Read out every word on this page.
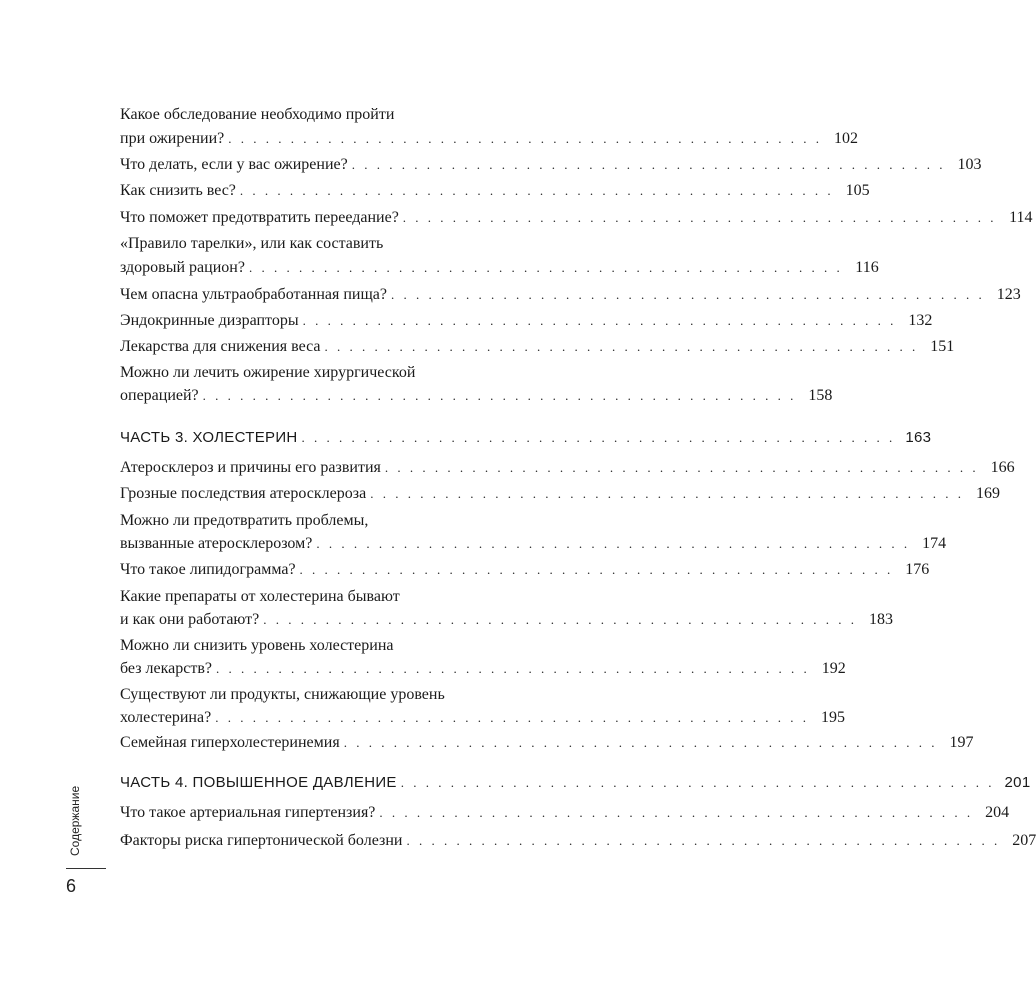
Какое обследование необходимо пройти
при ожирении? . . . . . . . . . . . . . . . . . . . . . . . . . . . . . . . . . . . . . . . . . . . . . . . . 102
Что делать, если у вас ожирение? . . . . . . . . . . . . . . . . . . . . . . . . . . . . . . . . . . . . . . . . . . . . . . . . 103
Как снизить вес? . . . . . . . . . . . . . . . . . . . . . . . . . . . . . . . . . . . . . . . . . . . . . . . . 105
Что поможет предотвратить переедание? . . . . . . . . . . . . . . . . . . . . . . . . . . . . . . . . . . . . . . . . . . . . . . . . 114
«Правило тарелки», или как составить
здоровый рацион? . . . . . . . . . . . . . . . . . . . . . . . . . . . . . . . . . . . . . . . . . . . . . . . . 116
Чем опасна ультраобработанная пища? . . . . . . . . . . . . . . . . . . . . . . . . . . . . . . . . . . . . . . . . . . . . . . . . 123
Эндокринные дизрапторы . . . . . . . . . . . . . . . . . . . . . . . . . . . . . . . . . . . . . . . . . . . . . . . . 132
Лекарства для снижения веса . . . . . . . . . . . . . . . . . . . . . . . . . . . . . . . . . . . . . . . . . . . . . . . . 151
Можно ли лечить ожирение хирургической
операцией? . . . . . . . . . . . . . . . . . . . . . . . . . . . . . . . . . . . . . . . . . . . . . . . . 158
ЧАСТЬ 3. ХОЛЕСТЕРИН . . . . . . . . . . . . . . . . . . . . . . . . . . . . . . . . . . . . . . . . . . . . . . . . 163
Атеросклероз и причины его развития . . . . . . . . . . . . . . . . . . . . . . . . . . . . . . . . . . . . . . . . . . . . . . . . 166
Грозные последствия атеросклероза . . . . . . . . . . . . . . . . . . . . . . . . . . . . . . . . . . . . . . . . . . . . . . . . 169
Можно ли предотвратить проблемы,
вызванные атеросклерозом? . . . . . . . . . . . . . . . . . . . . . . . . . . . . . . . . . . . . . . . . . . . . . . . . 174
Что такое липидограмма? . . . . . . . . . . . . . . . . . . . . . . . . . . . . . . . . . . . . . . . . . . . . . . . . 176
Какие препараты от холестерина бывают
и как они работают? . . . . . . . . . . . . . . . . . . . . . . . . . . . . . . . . . . . . . . . . . . . . . . . . 183
Можно ли снизить уровень холестерина
без лекарств? . . . . . . . . . . . . . . . . . . . . . . . . . . . . . . . . . . . . . . . . . . . . . . . . 192
Существуют ли продукты, снижающие уровень
холестерина? . . . . . . . . . . . . . . . . . . . . . . . . . . . . . . . . . . . . . . . . . . . . . . . . 195
Семейная гиперхолестеринемия . . . . . . . . . . . . . . . . . . . . . . . . . . . . . . . . . . . . . . . . . . . . . . . . 197
ЧАСТЬ 4. ПОВЫШЕННОЕ ДАВЛЕНИЕ . . . . . . . . . . . . . . . . . . . . . . . . . . . . . . . . . . . . . . . . . . . . . . . . 201
Что такое артериальная гипертензия? . . . . . . . . . . . . . . . . . . . . . . . . . . . . . . . . . . . . . . . . . . . . . . . . 204
Факторы риска гипертонической болезни . . . . . . . . . . . . . . . . . . . . . . . . . . . . . . . . . . . . . . . . . . . . . . . . 207
Содержание
6
